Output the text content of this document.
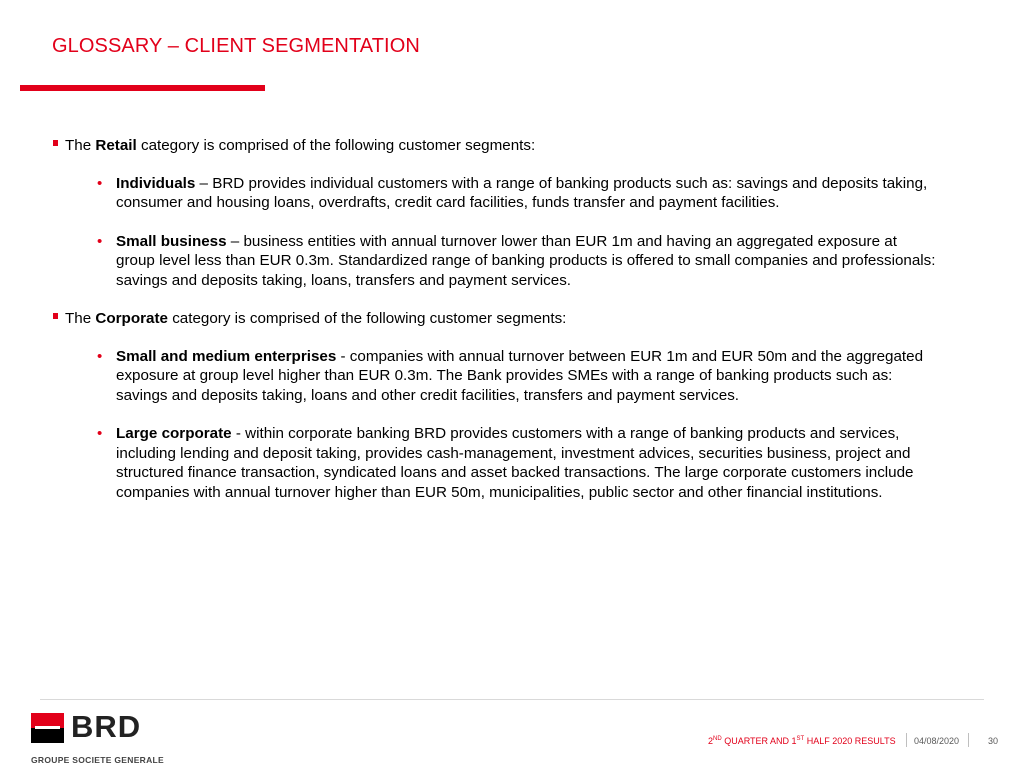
GLOSSARY – CLIENT SEGMENTATION
The Retail category is comprised of the following customer segments:
• Individuals – BRD provides individual customers with a range of banking products such as: savings and deposits taking,
consumer and housing loans, overdrafts, credit card facilities, funds transfer and payment facilities.
• Small business – business entities with annual turnover lower than EUR 1m and having an aggregated exposure at
group level less than EUR 0.3m. Standardized range of banking products is offered to small companies and professionals:
savings and deposits taking, loans, transfers and payment services.
The Corporate category is comprised of the following customer segments:
• Small and medium enterprises - companies with annual turnover between EUR 1m and EUR 50m and the aggregated
exposure at group level higher than EUR 0.3m. The Bank provides SMEs with a range of banking products such as:
savings and deposits taking, loans and other credit facilities, transfers and payment services.
• Large corporate - within corporate banking BRD provides customers with a range of banking products and services,
including lending and deposit taking, provides cash-management, investment advices, securities business, project and
structured finance transaction, syndicated loans and asset backed transactions. The large corporate customers include
companies with annual turnover higher than EUR 50m, municipalities, public sector and other financial institutions.
BRD
GROUPE SOCIETE GENERALE
2ND QUARTER AND 1ST HALF 2020 RESULTS 04/08/2020	30
